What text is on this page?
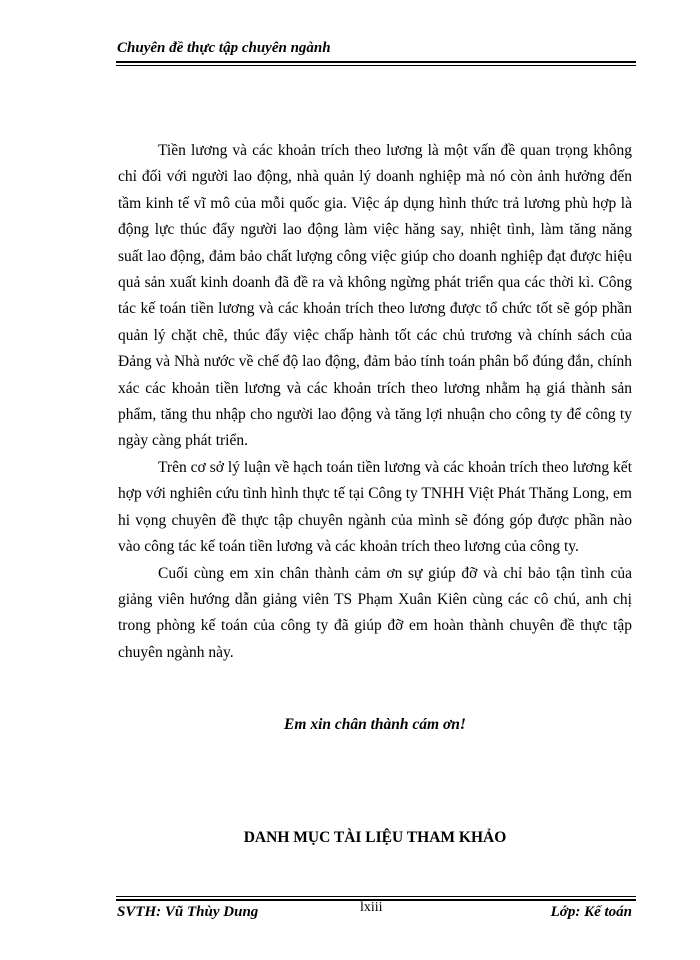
Chuyên đề thực tập chuyên ngành

Tiền lương và các khoản trích theo lương là một vấn đề quan trọng không chỉ đối với người lao động, nhà quản lý doanh nghiệp mà nó còn ảnh hưởng đến tầm kinh tế vĩ mô của mỗi quốc gia. Việc áp dụng hình thức trả lương phù hợp là động lực thúc đẩy người lao động làm việc hăng say, nhiệt tình, làm tăng năng suất lao động, đảm bảo chất lượng công việc giúp cho doanh nghiệp đạt được hiệu quả sản xuất kinh doanh đã đề ra và không ngừng phát triển qua các thời kì. Công tác kế toán tiền lương và các khoản trích theo lương được tổ chức tốt sẽ góp phần quản lý chặt chẽ, thúc đẩy việc chấp hành tốt các chủ trương và chính sách của Đảng và Nhà nước về chế độ lao động, đảm bảo tính toán phân bổ đúng đắn, chính xác các khoản tiền lương và các khoản trích theo lương nhằm hạ giá thành sản phẩm, tăng thu nhập cho người lao động và tăng lợi nhuận cho công ty để công ty ngày càng phát triển.

Trên cơ sở lý luận về hạch toán tiền lương và các khoản trích theo lương kết hợp với nghiên cứu tình hình thực tế tại Công ty TNHH Việt Phát Thăng Long, em hi vọng chuyên đề thực tập chuyên ngành của mình sẽ đóng góp được phần nào vào công tác kế toán tiền lương và các khoản trích theo lương của công ty.

Cuối cùng em xin chân thành cảm ơn sự giúp đỡ và chỉ bảo tận tình của giảng viên hướng dẫn giảng viên TS Phạm Xuân Kiên cùng các cô chú, anh chị trong phòng kế toán của công ty đã giúp đỡ em hoàn thành chuyên đề thực tập chuyên ngành này.

Em xin chân thành cám ơn!
DANH MỤC TÀI LIỆU THAM KHẢO
SVTH: Vũ Thùy Dung	lxiii	Lớp: Kế toán
